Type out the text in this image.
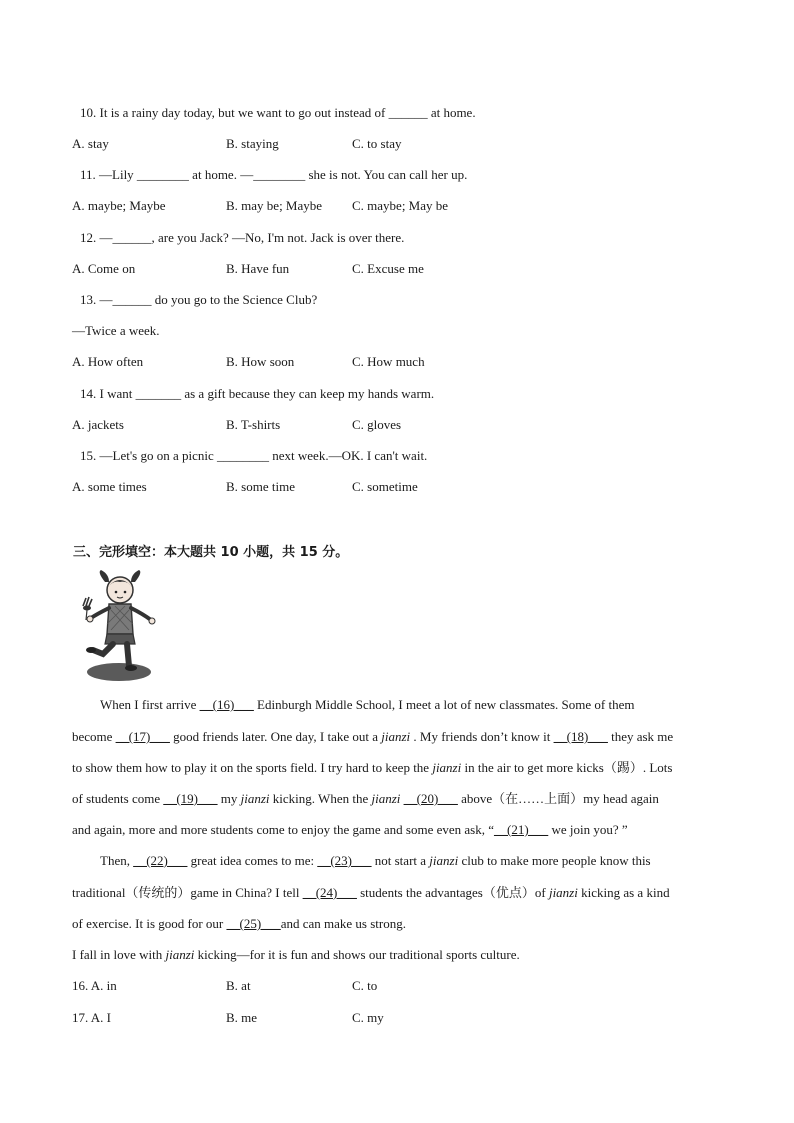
10. It is a rainy day today, but we want to go out instead of ______ at home.
A. stay	B. staying	C. to stay
11. —Lily ________ at home. —________ she is not. You can call her up.
A. maybe; Maybe	B. may be; Maybe C. maybe; May be
12. —______, are you Jack? —No, I'm not. Jack is over there.
A. Come on	B. Have fun	C. Excuse me
13. —______ do you go to the Science Club?
—Twice a week.
A. How often	B. How soon	C. How much
14. I want _______ as a gift because they can keep my hands warm.
A. jackets	B. T-shirts	C. gloves
15. —Let's go on a picnic ________ next week.—OK. I can't wait.
A. some times	B. some time	C. sometime
三、完形填空：本大题共 10 小题，共 15 分。
When I first arrive __(16)___ Edinburgh Middle School, I meet a lot of new classmates. Some of them
become __(17)___ good friends later. One day, I take out a jianzi . My friends don’t know it __(18)___ they ask me
to show them how to play it on the sports field. I try hard to keep the jianzi in the air to get more kicks（踢）. Lots
of students come __(19)___ my jianzi kicking. When the jianzi __(20)___ above（在……上面）my head again
and again, more and more students come to enjoy the game and some even ask, “__(21)___ we join you? ”
Then, __(22)___ great idea comes to me: __(23)___ not start a jianzi club to make more people know this
traditional（传统的）game in China? I tell __(24)___ students the advantages（优点）of jianzi kicking as a kind
of exercise. It is good for our __(25)___and can make us strong.
I fall in love with jianzi kicking—for it is fun and shows our traditional sports culture.
16. A. in	B. at	C. to
17. A. I	B. me	C. my
